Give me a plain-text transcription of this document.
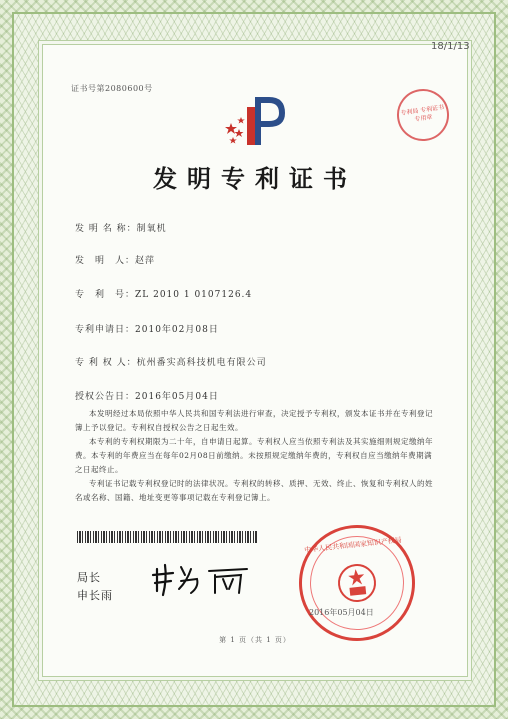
证书号第2080600号
18/1/13
专利局 专利证书 专用章
发明专利证书
发 明 名 称：制氧机
发　明　人：赵萍
专　利　号：ZL 2010 1 0107126.4
专利申请日：2010年02月08日
专 利 权 人：杭州番实高科技机电有限公司
授权公告日：2016年05月04日

本发明经过本局依照中华人民共和国专利法进行审查，决定授予专利权，颁发本证书并在专利登记簿上予以登记。专利权自授权公告之日起生效。

本专利的专利权期限为二十年，自申请日起算。专利权人应当依照专利法及其实施细则规定缴纳年费。本专利的年费应当在每年02月08日前缴纳。未按照规定缴纳年费的，专利权自应当缴纳年费期满之日起终止。

专利证书记载专利权登记时的法律状况。专利权的转移、质押、无效、终止、恢复和专利权人的姓名或名称、国籍、地址变更等事项记载在专利登记簿上。

局长
申长雨
中华人民共和国国家知识产权局
2016年05月04日
第 1 页（共 1 页）
